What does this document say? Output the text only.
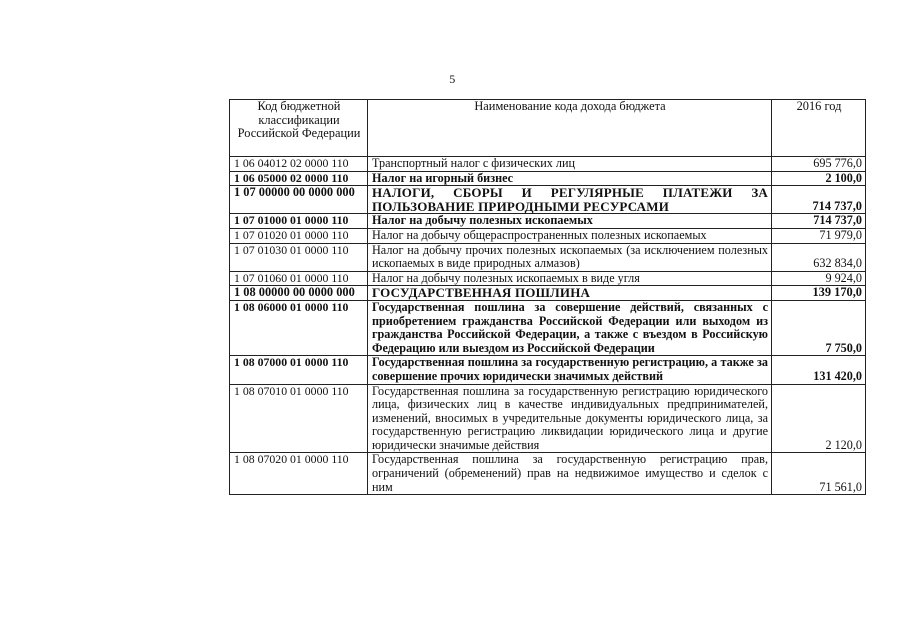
5
Код бюджетной классификации Российской Федерации	Наименование кода дохода бюджета	2016 год
1 06 04012 02 0000 110	Транспортный налог с физических лиц	695 776,0
1 06 05000 02 0000 110	Налог на игорный бизнес	2 100,0
1 07 00000 00 0000 000	НАЛОГИ, СБОРЫ И РЕГУЛЯРНЫЕ ПЛАТЕЖИ ЗА ПОЛЬЗОВАНИЕ ПРИРОДНЫМИ РЕСУРСАМИ	714 737,0
1 07 01000 01 0000 110	Налог на добычу полезных ископаемых	714 737,0
1 07 01020 01 0000 110	Налог на добычу общераспространенных полезных ископаемых	71 979,0
1 07 01030 01 0000 110	Налог на добычу прочих полезных ископаемых (за исключением полезных ископаемых в виде природных алмазов)	632 834,0
1 07 01060 01 0000 110	Налог на добычу полезных ископаемых в виде угля	9 924,0
1 08 00000 00 0000 000	ГОСУДАРСТВЕННАЯ ПОШЛИНА	139 170,0
1 08 06000 01 0000 110	Государственная пошлина за совершение действий, связанных с приобретением гражданства Российской Федерации или выходом из гражданства Российской Федерации, а также с въездом в Российскую Федерацию или выездом из Российской Федерации	7 750,0
1 08 07000 01 0000 110	Государственная пошлина за государственную регистрацию, а также за совершение прочих юридически значимых действий	131 420,0
1 08 07010 01 0000 110	Государственная пошлина за государственную регистрацию юридического лица, физических лиц в качестве индивидуальных предпринимателей, изменений, вносимых в учредительные документы юридического лица, за государственную регистрацию ликвидации юридического лица и другие юридически значимые действия	2 120,0
1 08 07020 01 0000 110	Государственная пошлина за государственную регистрацию прав, ограничений (обременений) прав на недвижимое имущество и сделок с ним	71 561,0
